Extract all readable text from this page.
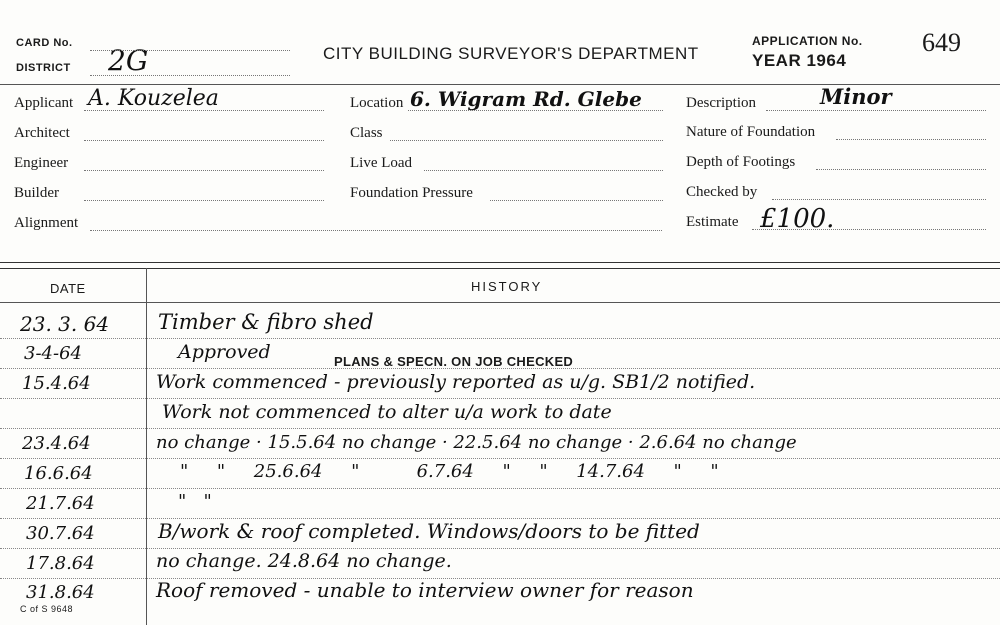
CARD No.
DISTRICT 2G	CITY BUILDING SURVEYOR'S DEPARTMENT
APPLICATION No. 649
YEAR 1964
Applicant A. Kouzelea
Architect
Engineer
Builder
Alignment
Location 6. Wigram Rd. Glebe
Class
Live Load
Foundation Pressure
Description	Minor
Nature of Foundation
Depth of Footings
Checked by
Estimate £100.
DATE	HISTORY
23. 3. 64 Timber & fibro shed
3-4-64	Approved	PLANS & SPECN. ON JOB CHECKED
15.4.64	Work commenced - previously reported as u/g. SB1/2 notified.
Work not commenced to alter u/a work to date
23.4.64	no change · 15.5.64 no change · 22.5.64 no change · 2.6.64 no change
16.6.64	"     "     25.6.64     "          6.7.64     "     "     14.7.64     "     "
21.7.64	"   "
30.7.64	B/work & roof completed. Windows/doors to be fitted
17.8.64	no change. 24.8.64 no change.
31.8.64	Roof removed - unable to interview owner for reason
C of S 9648
